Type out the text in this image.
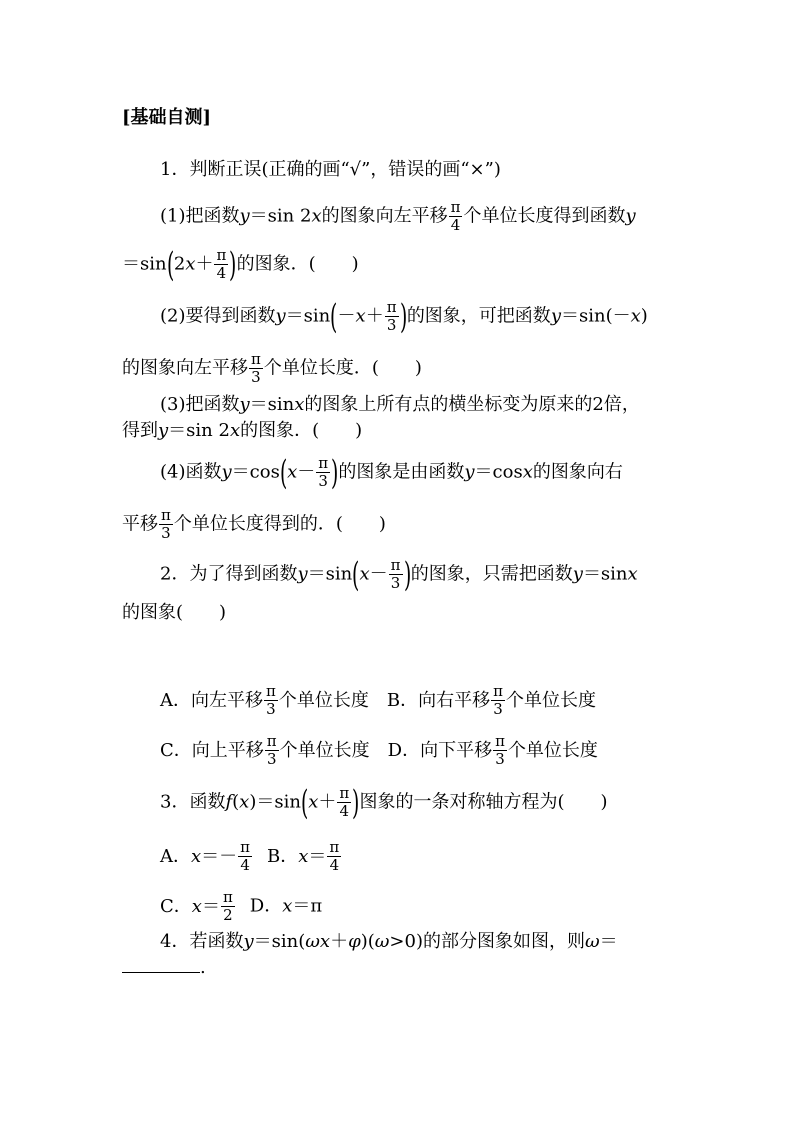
[基础自测]
1．判断正误(正确的画“√”，错误的画“×”)
(1)把函数y＝sin 2x的图象向左平移 $\frac{\pi}{4}$ 个单位长度得到函数y
$=\sin(2x+ \frac{\pi}{4}$ )的图象．(　　)
(2)要得到函数$y=\sin(-x+ \frac{\pi}{3}$ )的图象，可把函数y＝sin(－x)
的图象向左平移 $\frac{\pi}{3}$ 个单位长度．(　　)
(3)把函数y＝sinx的图象上所有点的横坐标变为原来的2倍，
得到y＝sin 2x的图象．(　　)
(4)函数$y=\cos(x- \frac{\pi}{3}$ )的图象是由函数y＝cosx的图象向右
平移 $\frac{\pi}{3}$ 个单位长度得到的．(　　)
2．为了得到函数$y=\sin(x- \frac{\pi}{3}$ )的图象，只需把函数y＝sinx
的图象(　　)
A．向左平移 $\frac{\pi}{3}$ 个单位长度 B．向右平移 $\frac{\pi}{3}$ 个单位长度
C．向上平移 $\frac{\pi}{3}$ 个单位长度 D．向下平移 $\frac{\pi}{3}$ 个单位长度
3．函数$f(x)=\sin(x+ \frac{\pi}{4}$ )图象的一条对称轴方程为(　　)
A．$x=- \frac{\pi}{4}$ B．$x= \frac{\pi}{4}$
C．$x= \frac{\pi}{2}$ D．x＝π
4．若函数y＝sin(ωx＋φ)(ω>0)的部分图象如图，则ω＝
.
